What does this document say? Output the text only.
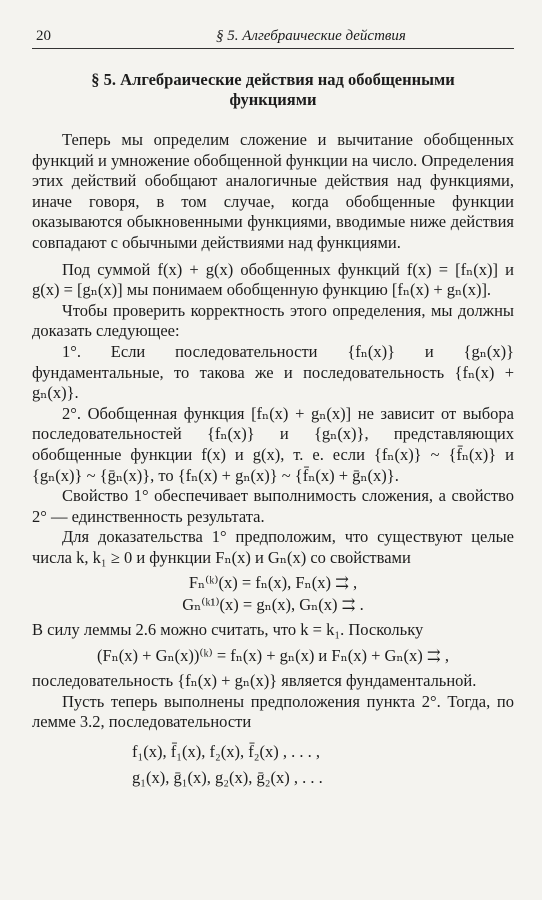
20	§ 5. Алгебраические действия
§ 5. Алгебраические действия над обобщенными
функциями

Теперь мы определим сложение и вычитание обобщенных функций и умножение обобщенной функции на число. Определения этих действий обобщают аналогичные действия над функциями, иначе говоря, в том случае, когда обобщенные функции оказываются обыкновенными функциями, вводимые ниже действия совпадают с обычными действиями над функциями.

Под суммой f(x) + g(x) обобщенных функций f(x) = [fₙ(x)] и g(x) = [gₙ(x)] мы понимаем обобщенную функцию [fₙ(x) + gₙ(x)].

Чтобы проверить корректность этого определения, мы должны доказать следующее:

1°. Если последовательности {fₙ(x)} и {gₙ(x)} фундаментальные, то такова же и последовательность {fₙ(x) + gₙ(x)}.

2°. Обобщенная функция [fₙ(x) + gₙ(x)] не зависит от выбора последовательностей {fₙ(x)} и {gₙ(x)}, представляющих обобщенные функции f(x) и g(x), т. е. если {fₙ(x)} ~ {f̄ₙ(x)} и {gₙ(x)} ~ {ḡₙ(x)}, то {fₙ(x) + gₙ(x)} ~ {f̄ₙ(x) + ḡₙ(x)}.

Свойство 1° обеспечивает выполнимость сложения, а свойство 2° — единственность результата.

Для доказательства 1° предположим, что существуют целые числа k, k₁ ≥ 0 и функции Fₙ(x) и Gₙ(x) со свойствами

Fₙ⁽ᵏ⁾(x) = fₙ(x), Fₙ(x) ⇉ ,
Gₙ⁽ᵏ¹⁾(x) = gₙ(x), Gₙ(x) ⇉ .

В силу леммы 2.6 можно считать, что k = k₁. Поскольку

(Fₙ(x) + Gₙ(x))⁽ᵏ⁾ = fₙ(x) + gₙ(x) и Fₙ(x) + Gₙ(x) ⇉ ,

последовательность {fₙ(x) + gₙ(x)} является фундаментальной.

Пусть теперь выполнены предположения пункта 2°. Тогда, по лемме 3.2, последовательности

f₁(x), f̄₁(x), f₂(x), f̄₂(x) , . . . ,
g₁(x), ḡ₁(x), g₂(x), ḡ₂(x) , . . .
